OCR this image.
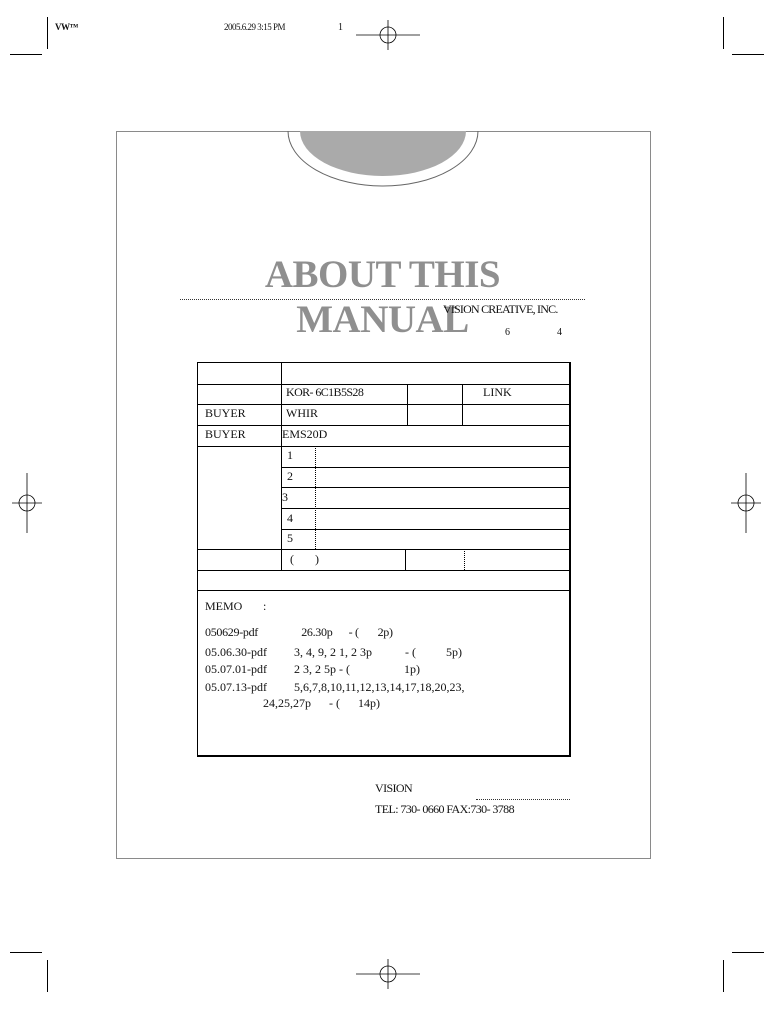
VW™	2005.6.29 3:15 PM	1
ABOUT THIS MANUAL
VISION CREATIVE, INC.
6	4
KOR- 6C1B5S28	LINK
BUYER	WHIR
BUYER	EMS20D
1
2
3
4
5
(       )
MEMO :
050629-pdf                26.30p      - (       2p)
05.06.30-pdf         3, 4, 9, 2 1, 2 3p           - (          5p)
05.07.01-pdf         2 3, 2 5p - (                  1p)
05.07.13-pdf         5,6,7,8,10,11,12,13,14,17,18,20,23,
24,25,27p      - (      14p)
VISION
TEL: 730- 0660 FAX:730- 3788
